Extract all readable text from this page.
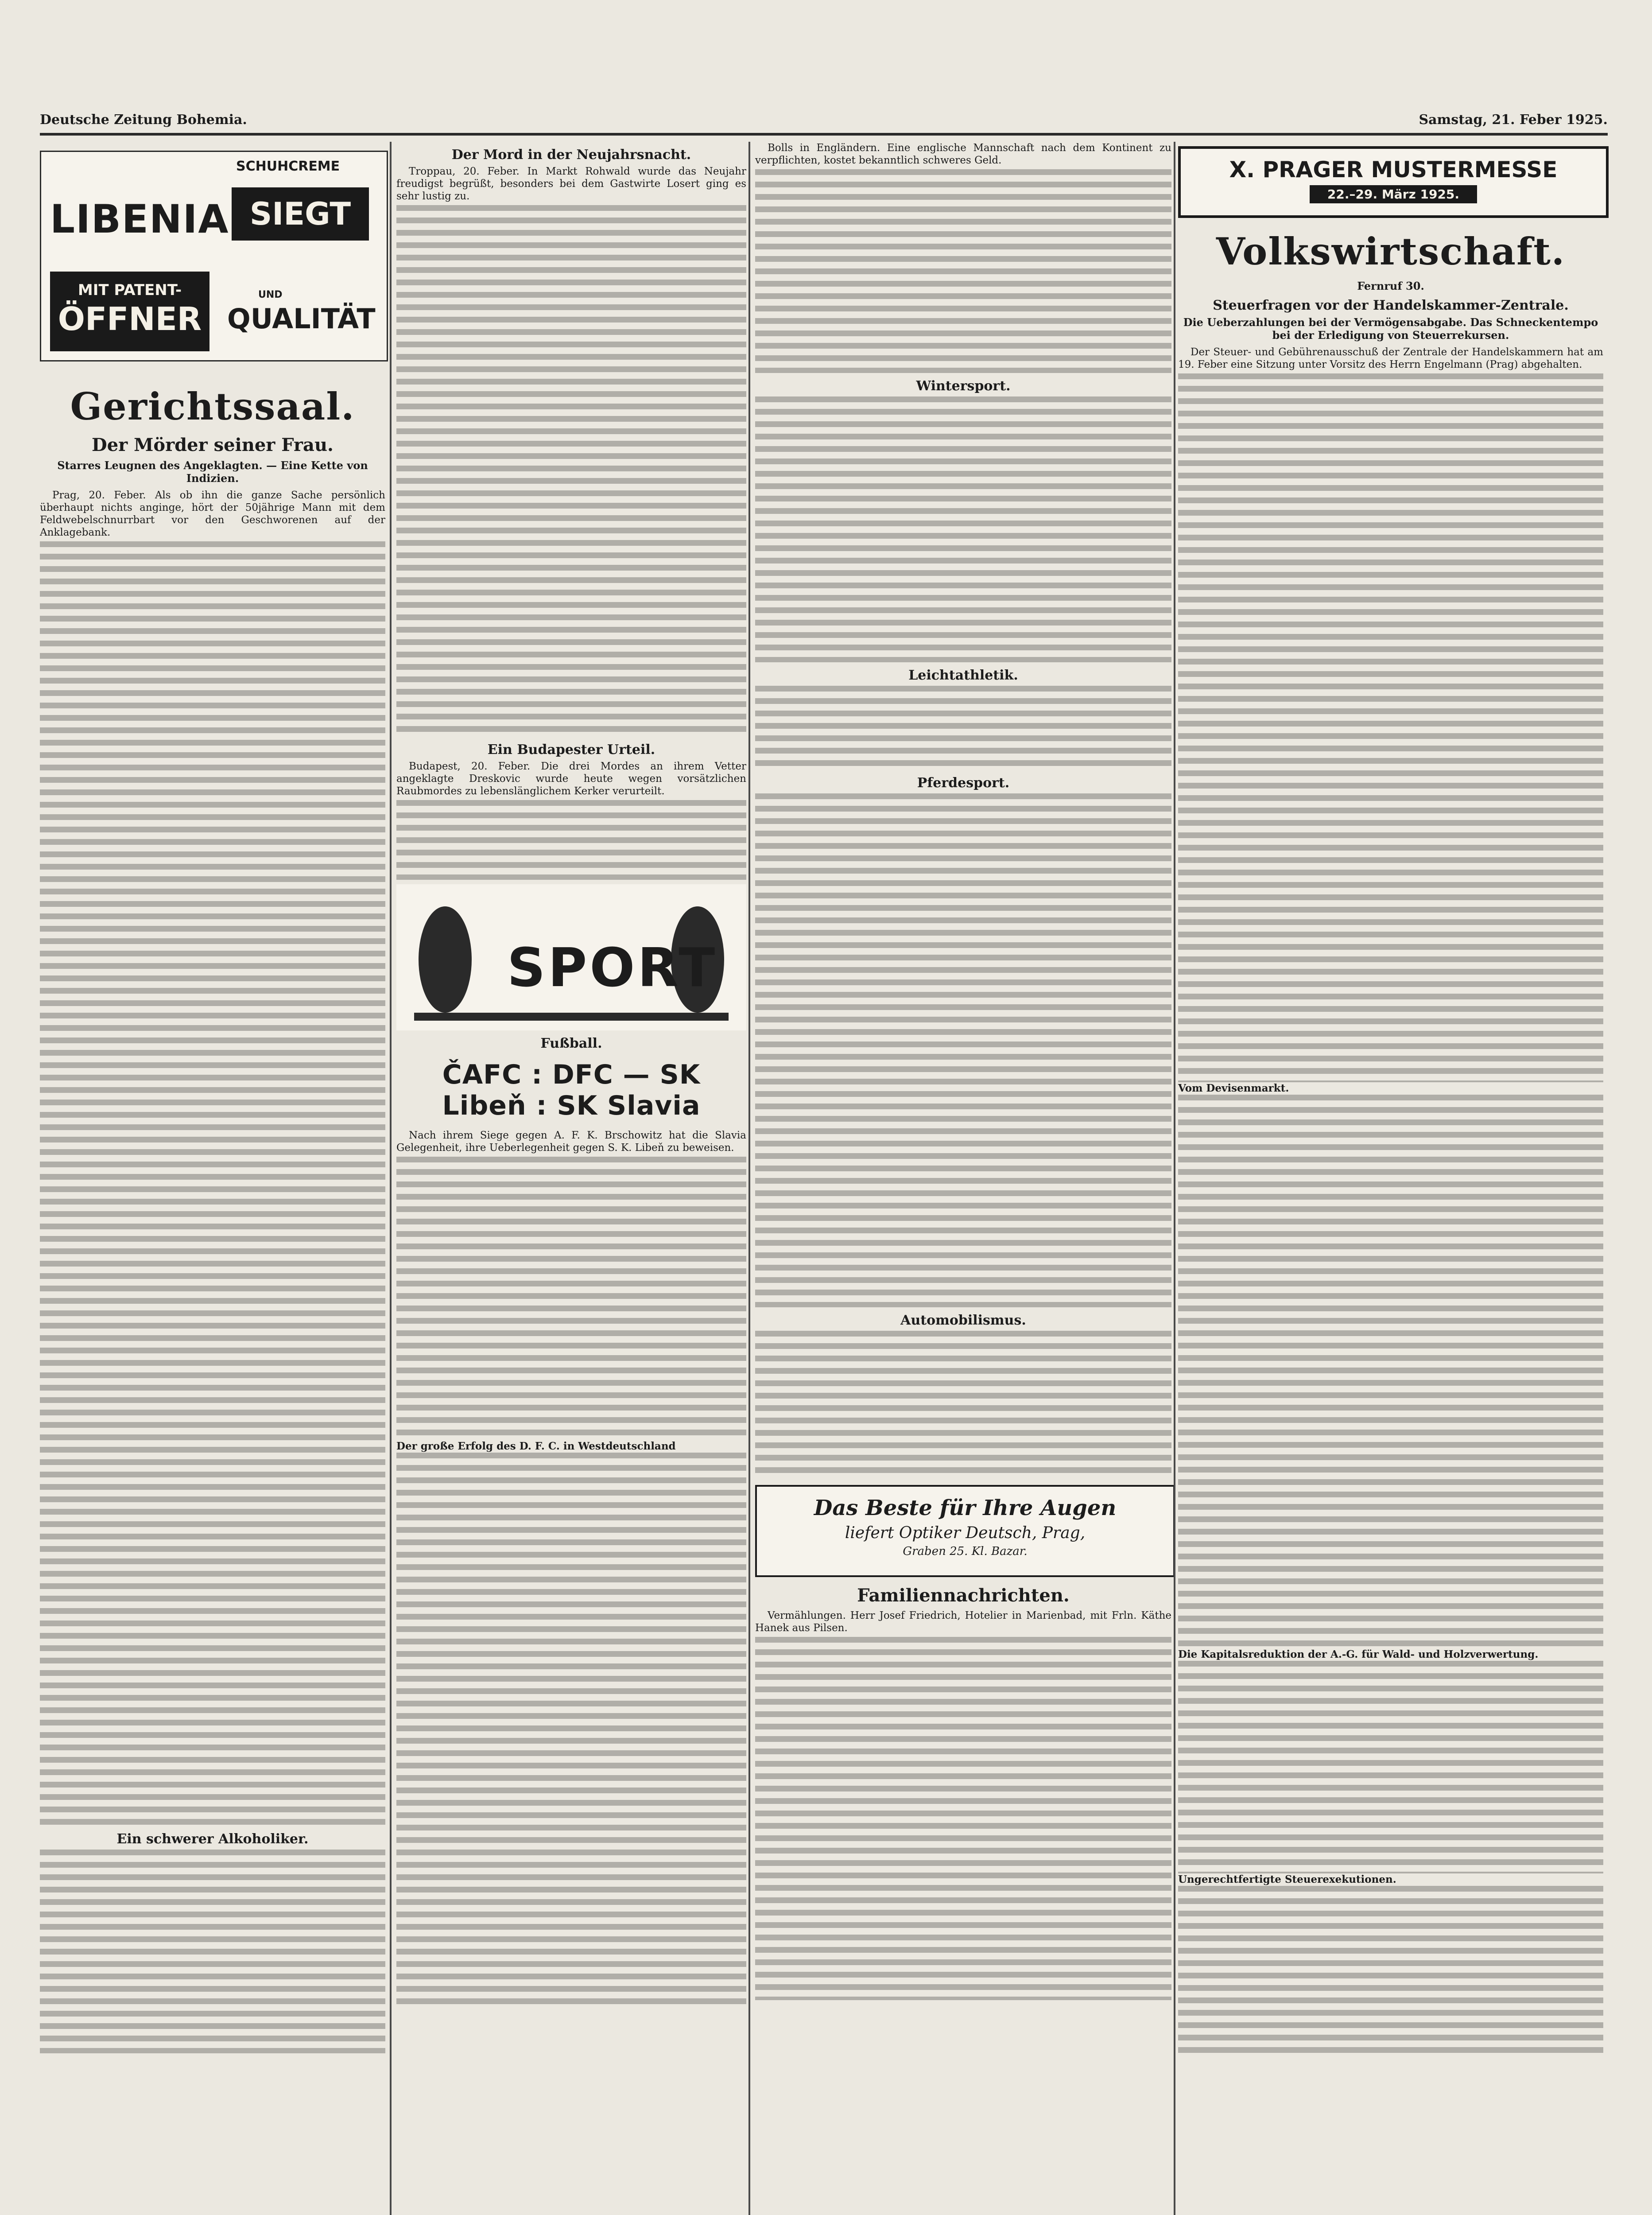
Deutsche Zeitung Bohemia.	Samstag, 21. Feber 1925.
SCHUHCREME
LIBENIA SIEGT
MIT PATENT-
ÖFFNER
UND
QUALITÄT
Gerichtssaal.
Der Mörder seiner Frau.
Starres Leugnen des Angeklagten. — Eine Kette von Indizien.

Prag, 20. Feber. Als ob ihn die ganze Sache persönlich überhaupt nichts anginge, hört der 50jährige Mann mit dem Feldwebelschnurrbart vor den Geschworenen auf der Anklagebank.

Ein schwerer Alkoholiker.
Der Mord in der Neujahrsnacht.

Troppau, 20. Feber. In Markt Rohwald wurde das Neujahr freudigst begrüßt, besonders bei dem Gastwirte Losert ging es sehr lustig zu.

Ein Budapester Urteil.

Budapest, 20. Feber. Die drei Mordes an ihrem Vetter angeklagte Dreskovic wurde heute wegen vorsätzlichen Raubmordes zu lebenslänglichem Kerker verurteilt.

SPORT
Fußball.
ČAFC : DFC — SK Libeň : SK Slavia

Nach ihrem Siege gegen A. F. K. Brschowitz hat die Slavia Gelegenheit, ihre Ueberlegenheit gegen S. K. Libeň zu beweisen.

Der große Erfolg des D. F. C. in Westdeutschland

Bolls in Engländern. Eine englische Mannschaft nach dem Kontinent zu verpflichten, kostet bekanntlich schweres Geld.

Wintersport.
Leichtathletik.
Pferdesport.
Automobilismus.
Das Beste für Ihre Augen
liefert Optiker Deutsch, Prag,
Graben 25. Kl. Bazar.
Familiennachrichten.

Vermählungen. Herr Josef Friedrich, Hotelier in Marienbad, mit Frln. Käthe Hanek aus Pilsen.

X. PRAGER MUSTERMESSE
22.–29. März 1925.
Volkswirtschaft.
Fernruf 30.
Steuerfragen vor der Handelskammer-Zentrale.
Die Ueberzahlungen bei der Vermögensabgabe. Das Schneckentempo bei der Erledigung von Steuerrekursen.

Der Steuer- und Gebührenausschuß der Zentrale der Handelskammern hat am 19. Feber eine Sitzung unter Vorsitz des Herrn Engelmann (Prag) abgehalten.

Vom Devisenmarkt.
Die Kapitalsreduktion der A.-G. für Wald- und Holzverwertung.
Ungerechtfertigte Steuerexekutionen.
